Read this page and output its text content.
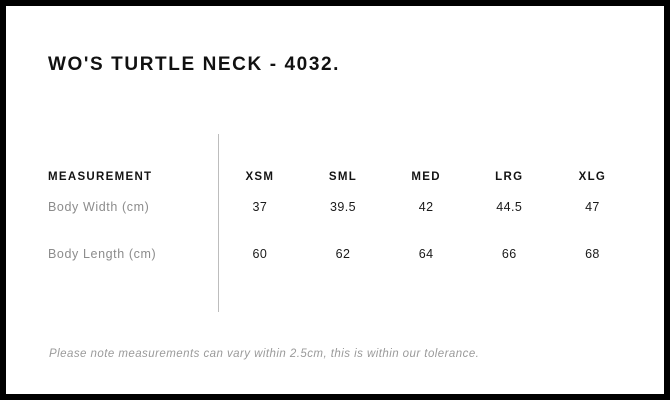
WO'S TURTLE NECK - 4032.
MEASUREMENT	XSM	SML	MED	LRG	XLG
Body Width (cm)	37	39.5	42	44.5	47
Body Length (cm)	60	62	64	66	68
Please note measurements can vary within 2.5cm, this is within our tolerance.
